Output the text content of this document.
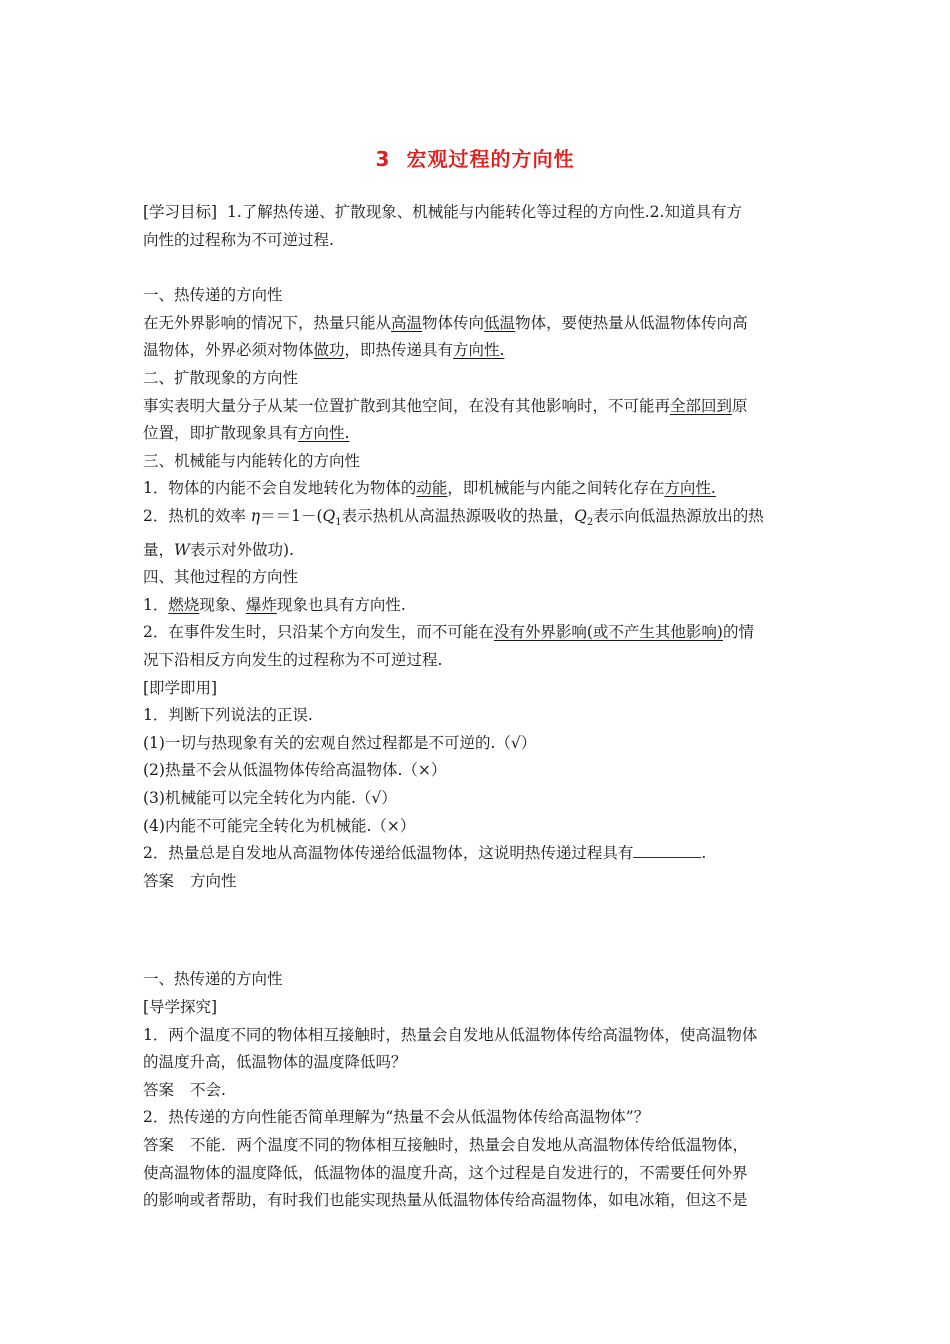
3 宏观过程的方向性

[学习目标] 1.了解热传递、扩散现象、机械能与内能转化等过程的方向性.2.知道具有方

向性的过程称为不可逆过程.

一、热传递的方向性

在无外界影响的情况下，热量只能从高温物体传向低温物体，要使热量从低温物体传向高

温物体，外界必须对物体做功，即热传递具有方向性.

二、扩散现象的方向性

事实表明大量分子从某一位置扩散到其他空间，在没有其他影响时，不可能再全部回到原

位置，即扩散现象具有方向性.

三、机械能与内能转化的方向性

1．物体的内能不会自发地转化为物体的动能，即机械能与内能之间转化存在方向性.

2．热机的效率 $\eta==1-(Q_1$表示热机从高温热源吸收的热量，$Q_2$表示向低温热源放出的热

量，W表示对外做功).

四、其他过程的方向性

1．燃烧现象、爆炸现象也具有方向性.

2．在事件发生时，只沿某个方向发生，而不可能在没有外界影响(或不产生其他影响)的情

况下沿相反方向发生的过程称为不可逆过程.

[即学即用]

1．判断下列说法的正误.

(1)一切与热现象有关的宏观自然过程都是不可逆的.（√）

(2)热量不会从低温物体传给高温物体.（×）

(3)机械能可以完全转化为内能.（√）

(4)内能不可能完全转化为机械能.（×）

2．热量总是自发地从高温物体传递给低温物体，这说明热传递过程具有	.

答案 方向性

一、热传递的方向性

[导学探究]

1．两个温度不同的物体相互接触时，热量会自发地从低温物体传给高温物体，使高温物体

的温度升高，低温物体的温度降低吗？

答案 不会.

2．热传递的方向性能否简单理解为“热量不会从低温物体传给高温物体”？

答案 不能．两个温度不同的物体相互接触时，热量会自发地从高温物体传给低温物体，

使高温物体的温度降低，低温物体的温度升高，这个过程是自发进行的，不需要任何外界

的影响或者帮助，有时我们也能实现热量从低温物体传给高温物体，如电冰箱，但这不是
